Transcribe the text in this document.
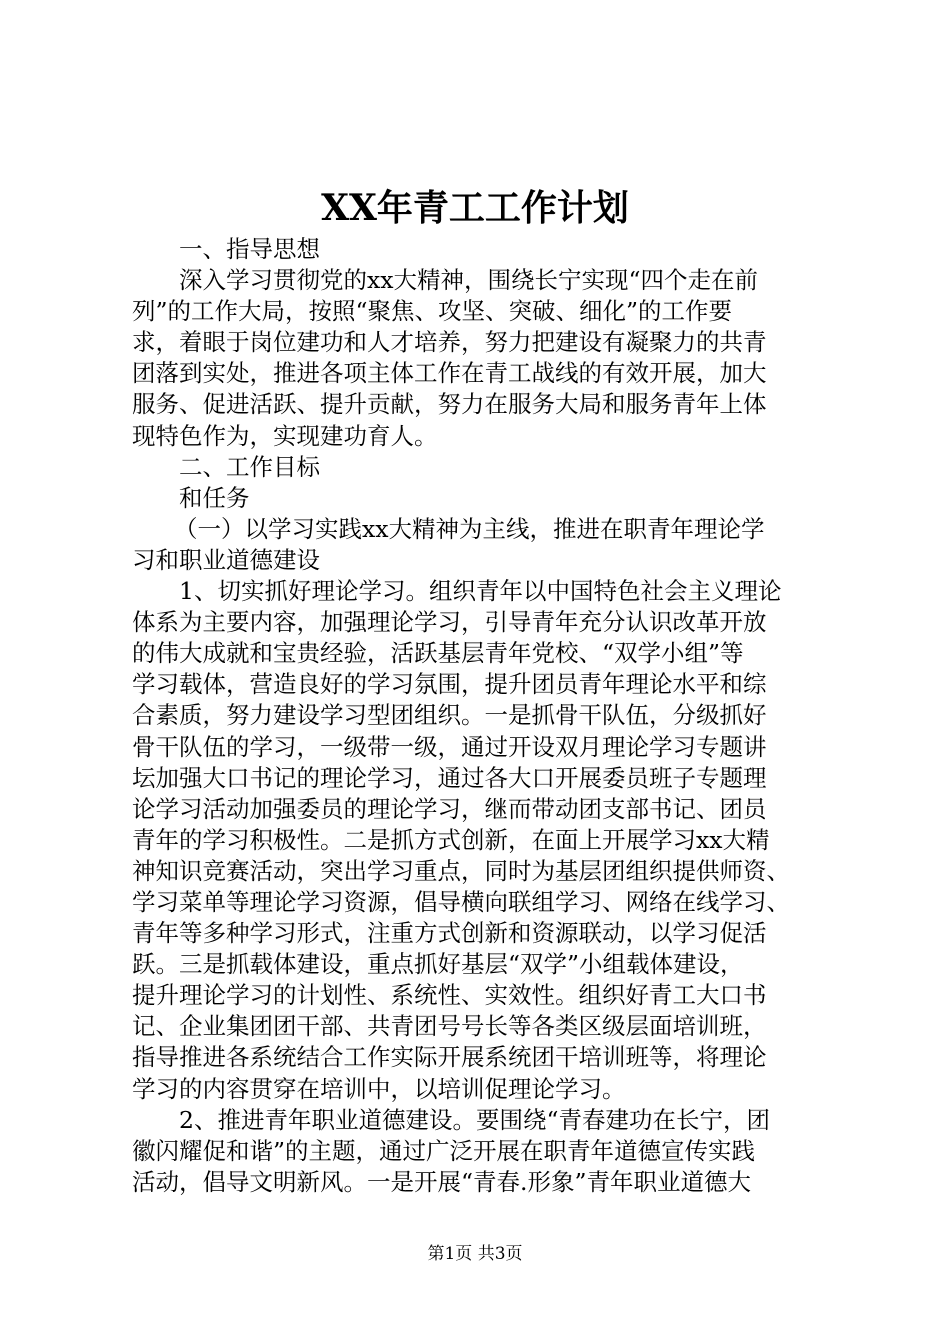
XX年青工工作计划
一、指导思想
深入学习贯彻党的xx大精神，围绕长宁实现“四个走在前
列”的工作大局，按照“聚焦、攻坚、突破、细化”的工作要
求，着眼于岗位建功和人才培养，努力把建设有凝聚力的共青
团落到实处，推进各项主体工作在青工战线的有效开展，加大
服务、促进活跃、提升贡献，努力在服务大局和服务青年上体
现特色作为，实现建功育人。
二、工作目标
和任务
（一）以学习实践xx大精神为主线，推进在职青年理论学
习和职业道德建设
1、切实抓好理论学习。组织青年以中国特色社会主义理论
体系为主要内容，加强理论学习，引导青年充分认识改革开放
的伟大成就和宝贵经验，活跃基层青年党校、“双学小组”等
学习载体，营造良好的学习氛围，提升团员青年理论水平和综
合素质，努力建设学习型团组织。一是抓骨干队伍，分级抓好
骨干队伍的学习，一级带一级，通过开设双月理论学习专题讲
坛加强大口书记的理论学习，通过各大口开展委员班子专题理
论学习活动加强委员的理论学习，继而带动团支部书记、团员
青年的学习积极性。二是抓方式创新，在面上开展学习xx大精
神知识竞赛活动，突出学习重点，同时为基层团组织提供师资、
学习菜单等理论学习资源，倡导横向联组学习、网络在线学习、
青年等多种学习形式，注重方式创新和资源联动，以学习促活
跃。三是抓载体建设，重点抓好基层“双学”小组载体建设，
提升理论学习的计划性、系统性、实效性。组织好青工大口书
记、企业集团团干部、共青团号号长等各类区级层面培训班，
指导推进各系统结合工作实际开展系统团干培训班等，将理论
学习的内容贯穿在培训中，以培训促理论学习。
2、推进青年职业道德建设。要围绕“青春建功在长宁，团
徽闪耀促和谐”的主题，通过广泛开展在职青年道德宣传实践
活动，倡导文明新风。一是开展“青春.形象”青年职业道德大
第1页 共3页
